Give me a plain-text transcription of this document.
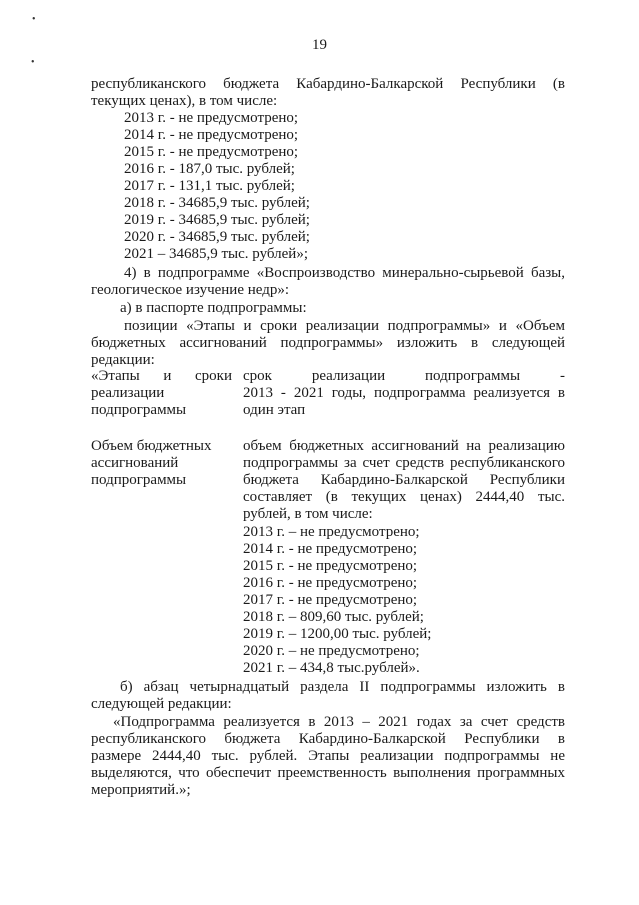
•
•
19
республиканского бюджета Кабардино-Балкарской Республики (в
текущих ценах), в том числе:
2013 г. - не предусмотрено;
2014 г. - не предусмотрено;
2015 г. - не предусмотрено;
2016 г. - 187,0 тыс. рублей;
2017 г. - 131,1 тыс. рублей;
2018 г. - 34685,9 тыс. рублей;
2019 г. - 34685,9 тыс. рублей;
2020 г. - 34685,9 тыс. рублей;
2021 – 34685,9 тыс. рублей»;
4) в подпрограмме «Воспроизводство минерально-сырьевой базы,
геологическое изучение недр»:
а) в паспорте подпрограммы:
позиции «Этапы и сроки реализации подпрограммы» и «Объем
бюджетных ассигнований подпрограммы» изложить в следующей
редакции:
«Этапы и сроки
реализации
подпрограммы
срок реализации подпрограммы -
2013 - 2021 годы, подпрограмма реализуется в
один этап
Объем бюджетных
ассигнований
подпрограммы
объем бюджетных ассигнований на реализацию
подпрограммы за счет средств республиканского
бюджета Кабардино-Балкарской Республики
составляет (в текущих ценах) 2444,40 тыс.
рублей, в том числе:
2013 г. – не предусмотрено;
2014 г. - не предусмотрено;
2015 г. - не предусмотрено;
2016 г. - не предусмотрено;
2017 г. - не предусмотрено;
2018 г. – 809,60 тыс. рублей;
2019 г. – 1200,00 тыс. рублей;
2020 г. – не предусмотрено;
2021 г. – 434,8 тыс.рублей».
б) абзац четырнадцатый раздела II подпрограммы изложить в
следующей редакции:
«Подпрограмма реализуется в 2013 – 2021 годах за счет средств
республиканского бюджета Кабардино-Балкарской Республики в
размере 2444,40 тыс. рублей. Этапы реализации подпрограммы не
выделяются, что обеспечит преемственность выполнения программных
мероприятий.»;
